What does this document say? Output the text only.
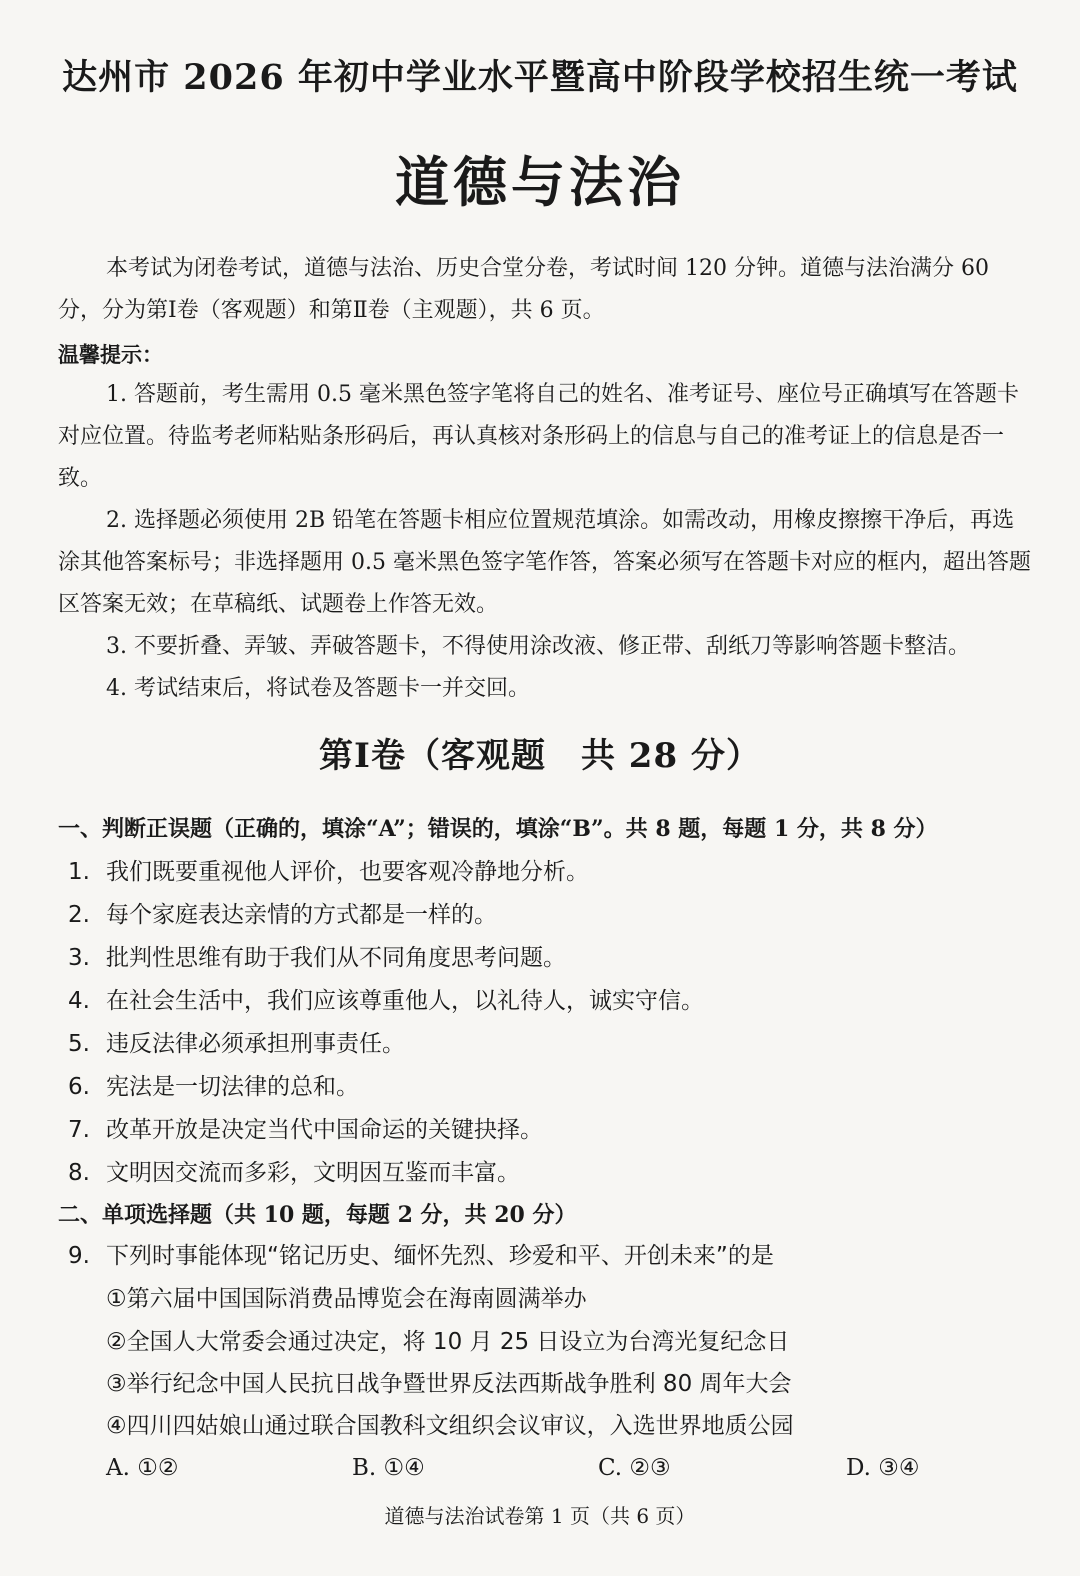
达州市 2026 年初中学业水平暨高中阶段学校招生统一考试
道德与法治
本考试为闭卷考试，道德与法治、历史合堂分卷，考试时间 120 分钟。道德与法治满分 60 分，分为第Ⅰ卷（客观题）和第Ⅱ卷（主观题），共 6 页。
温馨提示：
1. 答题前，考生需用 0.5 毫米黑色签字笔将自己的姓名、准考证号、座位号正确填写在答题卡对应位置。待监考老师粘贴条形码后，再认真核对条形码上的信息与自己的准考证上的信息是否一致。
2. 选择题必须使用 2B 铅笔在答题卡相应位置规范填涂。如需改动，用橡皮擦擦干净后，再选涂其他答案标号；非选择题用 0.5 毫米黑色签字笔作答，答案必须写在答题卡对应的框内，超出答题区答案无效；在草稿纸、试题卷上作答无效。
3. 不要折叠、弄皱、弄破答题卡，不得使用涂改液、修正带、刮纸刀等影响答题卡整洁。
4. 考试结束后，将试卷及答题卡一并交回。
第Ⅰ卷（客观题　共 28 分）
一、判断正误题（正确的，填涂“A”；错误的，填涂“B”。共 8 题，每题 1 分，共 8 分）
1. 我们既要重视他人评价，也要客观冷静地分析。
2. 每个家庭表达亲情的方式都是一样的。
3. 批判性思维有助于我们从不同角度思考问题。
4. 在社会生活中，我们应该尊重他人，以礼待人，诚实守信。
5. 违反法律必须承担刑事责任。
6. 宪法是一切法律的总和。
7. 改革开放是决定当代中国命运的关键抉择。
8. 文明因交流而多彩，文明因互鉴而丰富。
二、单项选择题（共 10 题，每题 2 分，共 20 分）
9. 下列时事能体现“铭记历史、缅怀先烈、珍爱和平、开创未来”的是
①第六届中国国际消费品博览会在海南圆满举办
②全国人大常委会通过决定，将 10 月 25 日设立为台湾光复纪念日
③举行纪念中国人民抗日战争暨世界反法西斯战争胜利 80 周年大会
④四川四姑娘山通过联合国教科文组织会议审议，入选世界地质公园
A. ①②	B. ①④	C. ②③	D. ③④
道德与法治试卷第 1 页（共 6 页）
